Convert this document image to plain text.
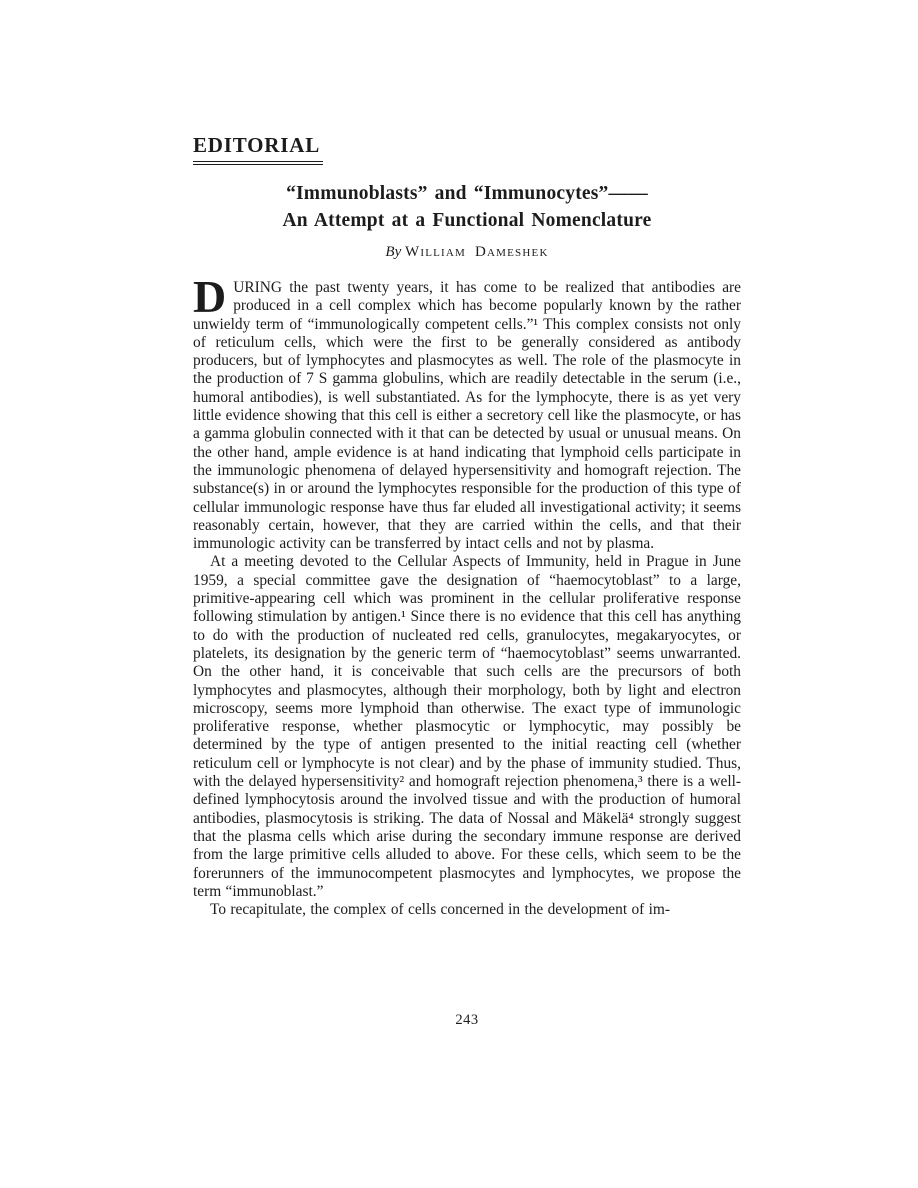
EDITORIAL
“Immunoblasts” and “Immunocytes”——
An Attempt at a Functional Nomenclature
By William Dameshek

D URING the past twenty years, it has come to be realized that antibodies are produced in a cell complex which has become popularly known by the rather unwieldy term of “immunologically competent cells.”¹ This complex consists not only of reticulum cells, which were the first to be generally considered as antibody producers, but of lymphocytes and plasmocytes as well. The role of the plasmocyte in the production of 7 S gamma globulins, which are readily detectable in the serum (i.e., humoral antibodies), is well substantiated. As for the lymphocyte, there is as yet very little evidence showing that this cell is either a secretory cell like the plasmocyte, or has a gamma globulin connected with it that can be detected by usual or unusual means. On the other hand, ample evidence is at hand indicating that lymphoid cells participate in the immunologic phenomena of delayed hypersensitivity and homograft rejection. The substance(s) in or around the lymphocytes responsible for the production of this type of cellular immunologic response have thus far eluded all investigational activity; it seems reasonably certain, however, that they are carried within the cells, and that their immunologic activity can be transferred by intact cells and not by plasma.

At a meeting devoted to the Cellular Aspects of Immunity, held in Prague in June 1959, a special committee gave the designation of “haemocytoblast” to a large, primitive-appearing cell which was prominent in the cellular proliferative response following stimulation by antigen.¹ Since there is no evidence that this cell has anything to do with the production of nucleated red cells, granulocytes, megakaryocytes, or platelets, its designation by the generic term of “haemocytoblast” seems unwarranted. On the other hand, it is conceivable that such cells are the precursors of both lymphocytes and plasmocytes, although their morphology, both by light and electron microscopy, seems more lymphoid than otherwise. The exact type of immunologic proliferative response, whether plasmocytic or lymphocytic, may possibly be determined by the type of antigen presented to the initial reacting cell (whether reticulum cell or lymphocyte is not clear) and by the phase of immunity studied. Thus, with the delayed hypersensitivity² and homograft rejection phenomena,³ there is a well-defined lymphocytosis around the involved tissue and with the production of humoral antibodies, plasmocytosis is striking. The data of Nossal and Mäkelä⁴ strongly suggest that the plasma cells which arise during the secondary immune response are derived from the large primitive cells alluded to above. For these cells, which seem to be the forerunners of the immunocompetent plasmocytes and lymphocytes, we propose the term “immunoblast.”

To recapitulate, the complex of cells concerned in the development of im-

243
